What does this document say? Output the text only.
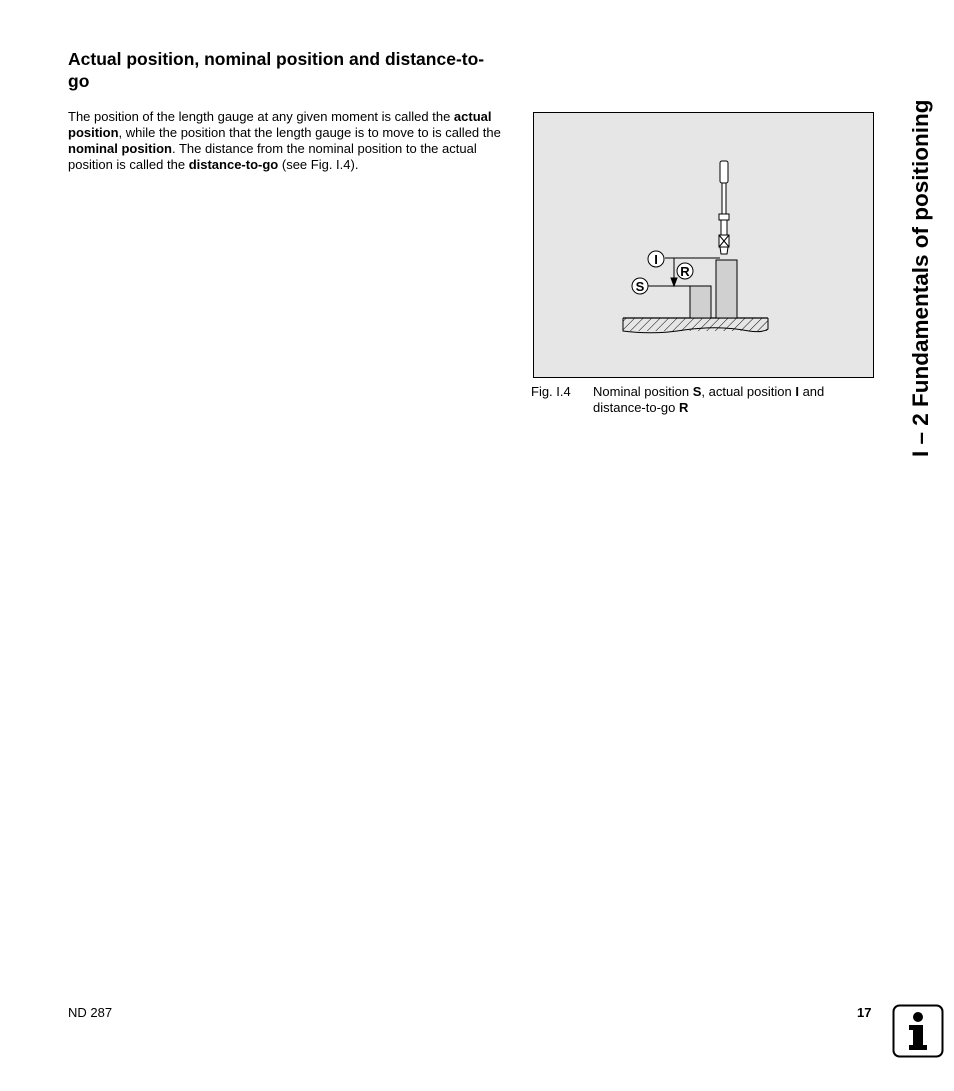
Actual position, nominal position and distance-to-go

The position of the length gauge at any given moment is called the actual position, while the position that the length gauge is to move to is called the nominal position. The distance from the nominal position to the actual position is called the distance-to-go (see Fig. I.4).

I
R
S
Fig. I.4 Nominal position S, actual position I and distance-to-go R	I – 2 Fundamentals of positioning
ND 287	17
